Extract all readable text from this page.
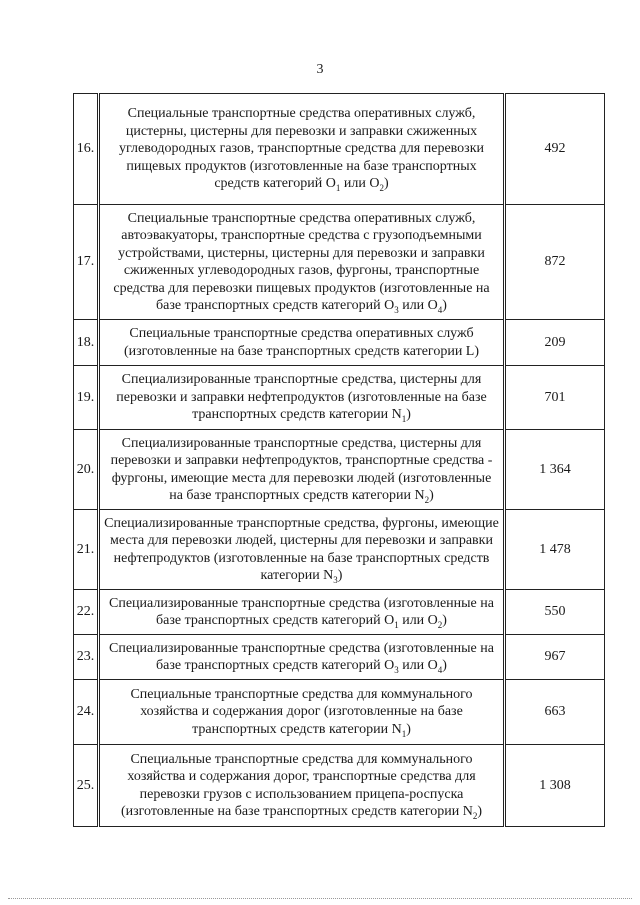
3
16.	Специальные транспортные средства оперативных служб, цистерны, цистерны для перевозки и заправки сжиженных углеводородных газов, транспортные средства для перевозки пищевых продуктов (изготовленные на базе транспортных средств категорий $O_1$ или $O_2$)	492
17.	Специальные транспортные средства оперативных служб, автоэвакуаторы, транспортные средства с грузоподъемными устройствами, цистерны, цистерны для перевозки и заправки сжиженных углеводородных газов, фургоны, транспортные средства для перевозки пищевых продуктов (изготовленные на базе транспортных средств категорий $O_3$ или $O_4$)	872
18.	Специальные транспортные средства оперативных служб (изготовленные на базе транспортных средств категории L)	209
19.	Специализированные транспортные средства, цистерны для перевозки и заправки нефтепродуктов (изготовленные на базе транспортных средств категории $N_1$)	701
20.	Специализированные транспортные средства, цистерны для перевозки и заправки нефтепродуктов, транспортные средства - фургоны, имеющие места для перевозки людей (изготовленные на базе транспортных средств категории $N_2$)	1 364
21.	Специализированные транспортные средства, фургоны, имеющие места для перевозки людей, цистерны для перевозки и заправки нефтепродуктов (изготовленные на базе транспортных средств категории $N_3$)	1 478
22.	Специализированные транспортные средства (изготовленные на базе транспортных средств категорий $O_1$ или $O_2$)	550
23.	Специализированные транспортные средства (изготовленные на базе транспортных средств категорий $O_3$ или $O_4$)	967
24.	Специальные транспортные средства для коммунального хозяйства и содержания дорог (изготовленные на базе транспортных средств категории $N_1$)	663
25.	Специальные транспортные средства для коммунального хозяйства и содержания дорог, транспортные средства для перевозки грузов с использованием прицепа-роспуска (изготовленные на базе транспортных средств категории $N_2$)	1 308
